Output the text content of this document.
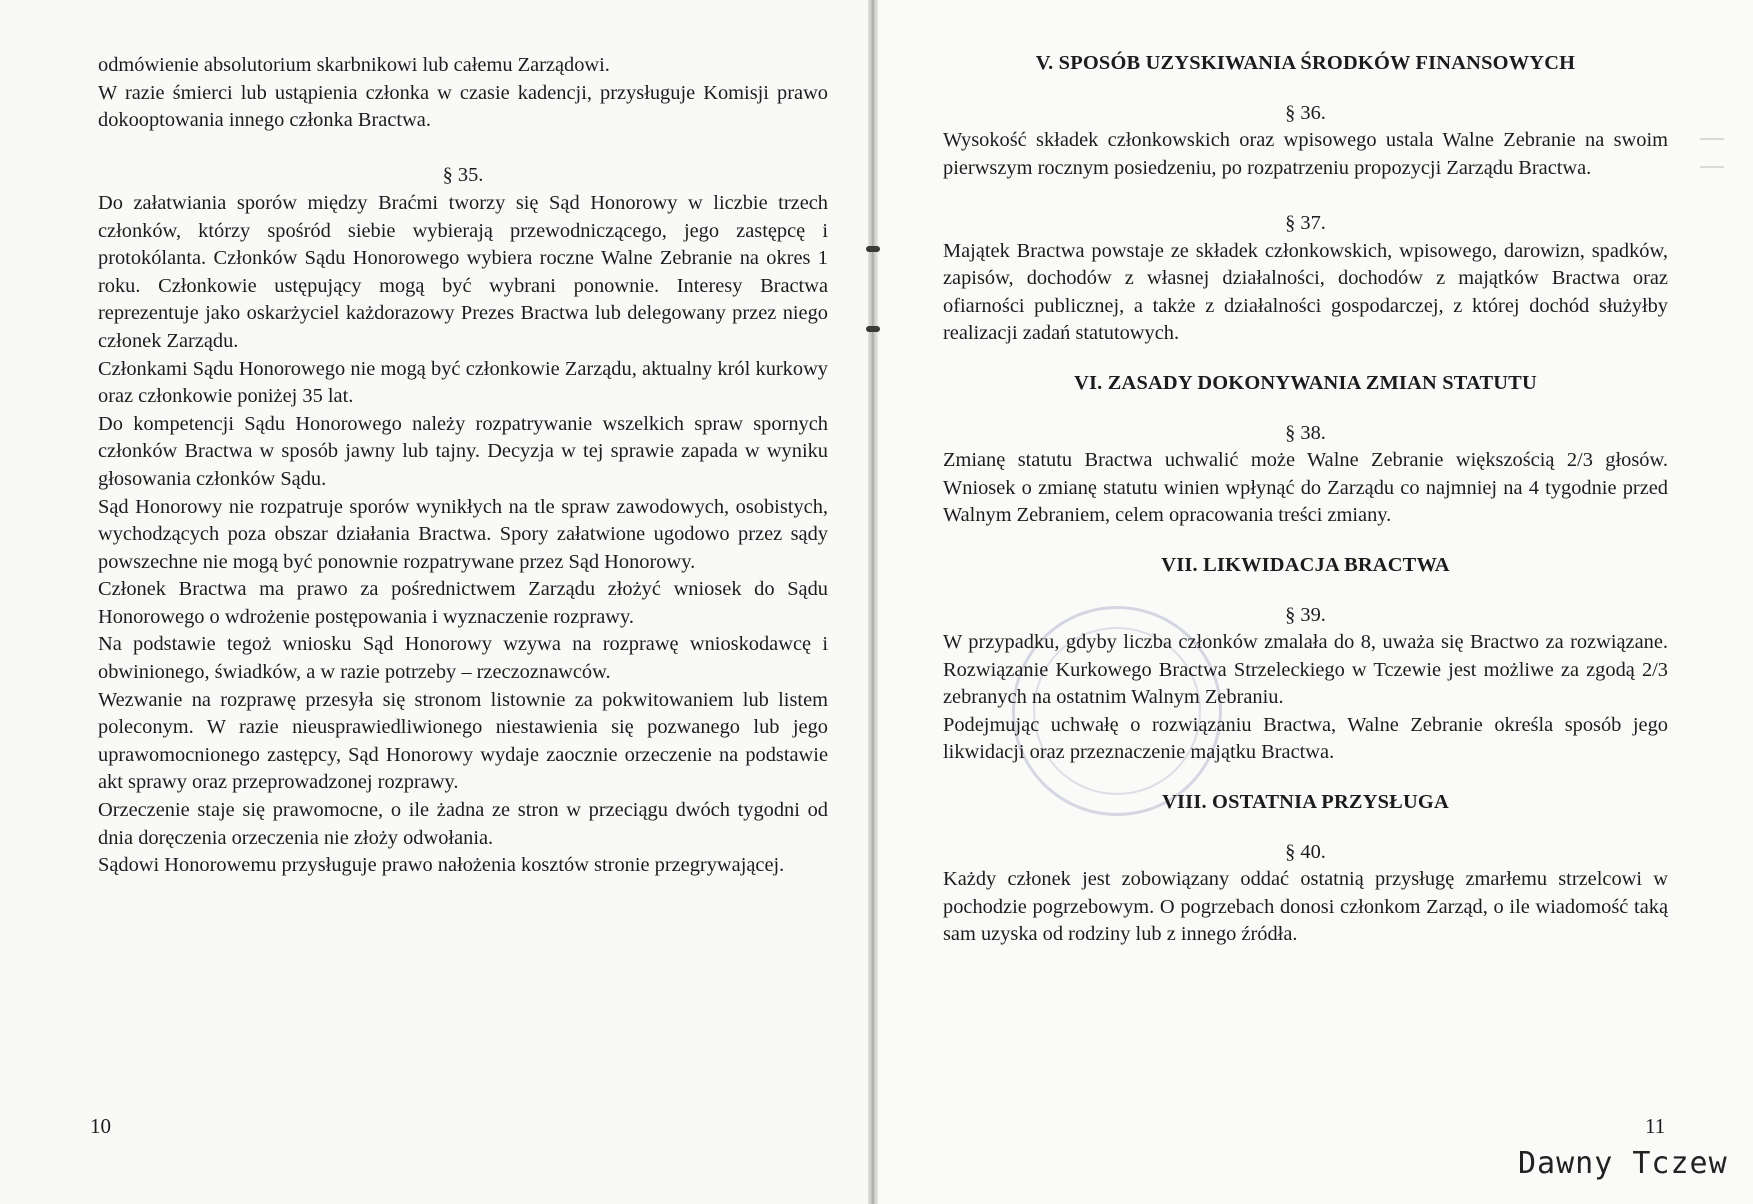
odmówienie absolutorium skarbnikowi lub całemu Zarządowi.

W razie śmierci lub ustąpienia członka w czasie kadencji, przysługuje Komisji prawo dokooptowania innego członka Bractwa.

§ 35.

Do załatwiania sporów między Braćmi tworzy się Sąd Honorowy w liczbie trzech członków, którzy spośród siebie wybierają przewodniczącego, jego zastępcę i protokólanta. Członków Sądu Honorowego wybiera roczne Walne Zebranie na okres 1 roku. Członkowie ustępujący mogą być wybrani ponownie. Interesy Bractwa reprezentuje jako oskarżyciel każdorazowy Prezes Bractwa lub delegowany przez niego członek Zarządu.

Członkami Sądu Honorowego nie mogą być członkowie Zarządu, aktualny król kurkowy oraz członkowie poniżej 35 lat.

Do kompetencji Sądu Honorowego należy rozpatrywanie wszelkich spraw spornych członków Bractwa w sposób jawny lub tajny. Decyzja w tej sprawie zapada w wyniku głosowania członków Sądu.

Sąd Honorowy nie rozpatruje sporów wynikłych na tle spraw zawodowych, osobistych, wychodzących poza obszar działania Bractwa. Spory załatwione ugodowo przez sądy powszechne nie mogą być ponownie rozpatrywane przez Sąd Honorowy.

Członek Bractwa ma prawo za pośrednictwem Zarządu złożyć wniosek do Sądu Honorowego o wdrożenie postępowania i wyznaczenie rozprawy.

Na podstawie tegoż wniosku Sąd Honorowy wzywa na rozprawę wnioskodawcę i obwinionego, świadków, a w razie potrzeby – rzeczoznawców.

Wezwanie na rozprawę przesyła się stronom listownie za pokwitowaniem lub listem poleconym. W razie nieusprawiedliwionego niestawienia się pozwanego lub jego uprawomocnionego zastępcy, Sąd Honorowy wydaje zaocznie orzeczenie na podstawie akt sprawy oraz przeprowadzonej rozprawy.

Orzeczenie staje się prawomocne, o ile żadna ze stron w przeciągu dwóch tygodni od dnia doręczenia orzeczenia nie złoży odwołania.

Sądowi Honorowemu przysługuje prawo nałożenia kosztów stronie przegrywającej.

10
V. SPOSÓB UZYSKIWANIA ŚRODKÓW FINANSOWYCH
§ 36.

Wysokość składek członkowskich oraz wpisowego ustala Walne Zebranie na swoim pierwszym rocznym posiedzeniu, po rozpatrzeniu propozycji Zarządu Bractwa.

§ 37.

Majątek Bractwa powstaje ze składek członkowskich, wpisowego, darowizn, spadków, zapisów, dochodów z własnej działalności, dochodów z majątków Bractwa oraz ofiarności publicznej, a także z działalności gospodarczej, z której dochód służyłby realizacji zadań statutowych.

VI. ZASADY DOKONYWANIA ZMIAN STATUTU
§ 38.

Zmianę statutu Bractwa uchwalić może Walne Zebranie większością 2/3 głosów. Wniosek o zmianę statutu winien wpłynąć do Zarządu co najmniej na 4 tygodnie przed Walnym Zebraniem, celem opracowania treści zmiany.

VII. LIKWIDACJA BRACTWA
§ 39.

W przypadku, gdyby liczba członków zmalała do 8, uważa się Bractwo za rozwiązane. Rozwiązanie Kurkowego Bractwa Strzeleckiego w Tczewie jest możliwe za zgodą 2/3 zebranych na ostatnim Walnym Zebraniu.

Podejmując uchwałę o rozwiązaniu Bractwa, Walne Zebranie określa sposób jego likwidacji oraz przeznaczenie majątku Bractwa.

VIII. OSTATNIA PRZYSŁUGA
§ 40.

Każdy członek jest zobowiązany oddać ostatnią przysługę zmarłemu strzelcowi w pochodzie pogrzebowym. O pogrzebach donosi członkom Zarząd, o ile wiadomość taką sam uzyska od rodziny lub z innego źródła.

11
Dawny Tczew
